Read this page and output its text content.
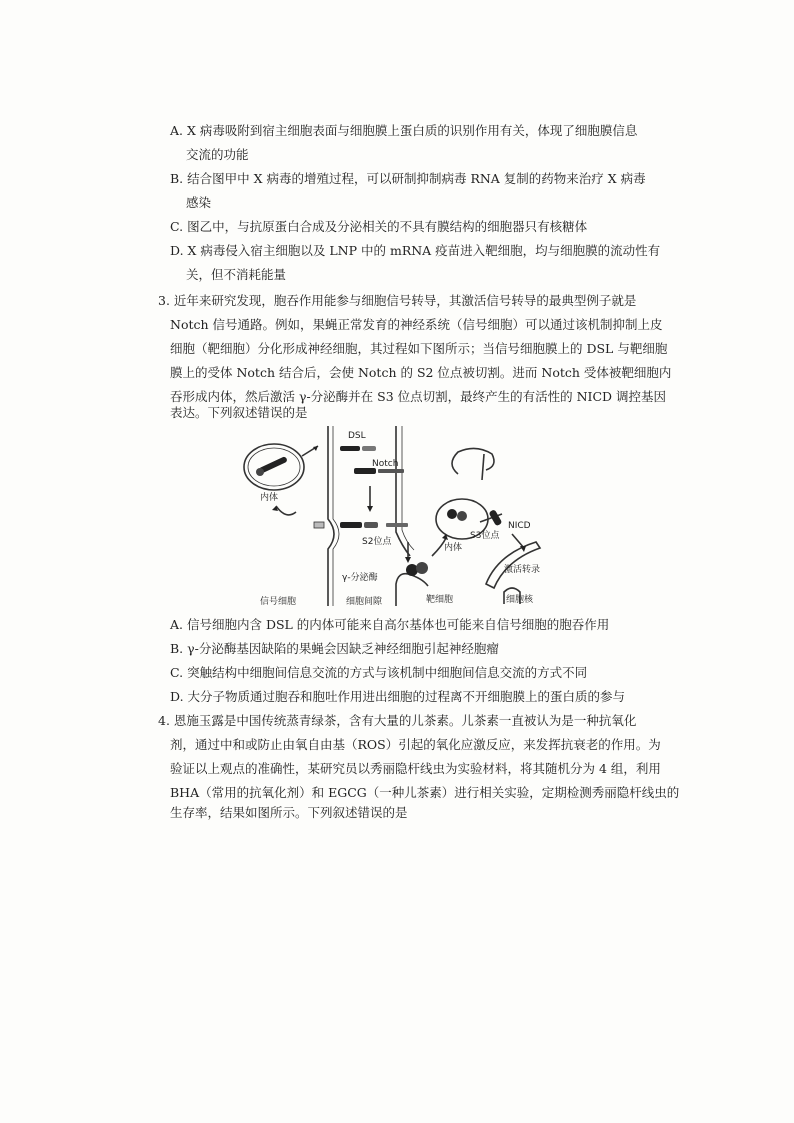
A. X 病毒吸附到宿主细胞表面与细胞膜上蛋白质的识别作用有关，体现了细胞膜信息
交流的功能
B. 结合图甲中 X 病毒的增殖过程，可以研制抑制病毒 RNA 复制的药物来治疗 X 病毒
感染
C. 图乙中，与抗原蛋白合成及分泌相关的不具有膜结构的细胞器只有核糖体
D. X 病毒侵入宿主细胞以及 LNP 中的 mRNA 疫苗进入靶细胞，均与细胞膜的流动性有
关，但不消耗能量
3. 近年来研究发现，胞吞作用能参与细胞信号转导，其激活信号转导的最典型例子就是
Notch 信号通路。例如，果蝇正常发育的神经系统（信号细胞）可以通过该机制抑制上皮
细胞（靶细胞）分化形成神经细胞，其过程如下图所示；当信号细胞膜上的 DSL 与靶细胞
膜上的受体 Notch 结合后，会使 Notch 的 S2 位点被切割。进而 Notch 受体被靶细胞内
吞形成内体，然后激活 γ-分泌酶并在 S3 位点切割，最终产生的有活性的 NICD 调控基因
表达。下列叙述错误的是
DSL
Notch
内体
S2位点
γ-分泌酶
内体
S3位点
NICD
激活转录
信号细胞	细胞间隙	靶细胞	细胞核
A. 信号细胞内含 DSL 的内体可能来自高尔基体也可能来自信号细胞的胞吞作用
B. γ-分泌酶基因缺陷的果蝇会因缺乏神经细胞引起神经胞瘤
C. 突触结构中细胞间信息交流的方式与该机制中细胞间信息交流的方式不同
D. 大分子物质通过胞吞和胞吐作用进出细胞的过程离不开细胞膜上的蛋白质的参与
4. 恩施玉露是中国传统蒸青绿茶，含有大量的儿茶素。儿茶素一直被认为是一种抗氧化
剂，通过中和或防止由氧自由基（ROS）引起的氧化应激反应，来发挥抗衰老的作用。为
验证以上观点的准确性，某研究员以秀丽隐杆线虫为实验材料，将其随机分为 4 组，利用
BHA（常用的抗氧化剂）和 EGCG（一种儿茶素）进行相关实验，定期检测秀丽隐杆线虫的
生存率，结果如图所示。下列叙述错误的是
